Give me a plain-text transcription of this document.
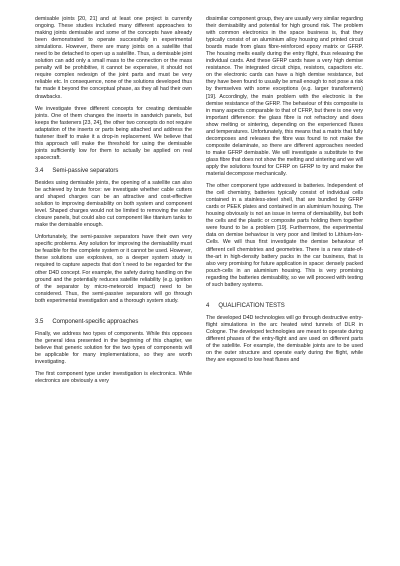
demisable joints [20, 21] and at least one project is currently ongoing. These studies included many different approaches to making joints demisable and some of the concepts have already been demonstrated to operate successfully in experimental simulations. However, there are many joints on a satellite that need to be detached to open up a satellite. Thus, a demisable joint solution can add only a small mass to the connection or the mass penalty will be prohibitive, it cannot be expensive, it should not require complex redesign of the joint parts and must be very reliable etc. In consequence, none of the solutions developed thus far made it beyond the conceptual phase, as they all had their own drawbacks.

We investigate three different concepts for creating demisable joints. One of them changes the inserts in sandwich panels, but keeps the fasteners [23, 24], the other two concepts do not require adaptation of the inserts or parts being attached and address the fastener itself to make it a drop-in replacement. We believe that this approach will make the threshold for using the demisable joints sufficiently low for them to actually be applied on real spacecraft.

3.4 Semi-passive separators

Besides using demisable joints, the opening of a satellite can also be achieved by brute force: we investigate whether cable cutters and shaped charges can be an attractive and cost-effective solution to improving demisability on both system and component level. Shaped charges would not be limited to removing the outer closure panels, but could also cut component like titanium tanks to make the demisable enough.

Unfortunately, the semi-passive separators have their own very specific problems. Any solution for improving the demisability must be feasible for the complete system or it cannot be used. However, these solutions use explosives, so a deeper system study is required to capture aspects that don´t need to be regarded for the other D4D concept. For example, the safety during handling on the ground and the potentially reduces satellite reliability (e.g. ignition of the separator by micro-meteoroid impact) need to be considered. Thus, the semi-passive separators will go through both experimental investigation and a thorough system study.

3.5 Component-specific approaches

Finally, we address two types of components. While this opposes the general idea presented in the beginning of this chapter, we believe that generic solution for the two types of components will be applicable for many implementations, so they are worth investigating.

The first component type under investigation is electronics. While electronics are obviously a very

dissimilar component group, they are usually very similar regarding their demisability and potential for high ground risk. The problem with common electronics in the space business is, that they typically consist of an aluminium alloy housing and printed circuit boards made from glass fibre-reinforced epoxy matrix or GFRP. The housing melts easily during the entry flight, thus releasing the individual cards. And these GFRP cards have a very high demise resistance. The integrated circuit chips, resistors, capacitors etc. on the electronic cards can have a high demise resistance, but they have been found to usually be small enough to not pose a risk by themselves with some exceptions (e.g. larger transformers) [19]. Accordingly, the main problem with the electronic is the demise resistance of the GFRP. The behaviour of this composite is in many aspects comparable to that of CFRP, but there is one very important difference: the glass fibre is not refractory and does show melting or sintering, depending on the experienced fluxes and temperatures. Unfortunately, this means that a matrix that fully decomposes and releases the fibre was found to not make the composite delaminate, so there are different approaches needed to make GFRP demisable. We will investigate a substitute to the glass fibre that does not show the melting and sintering and we will apply the solutions found for CFRP on GFRP to try and make the material decompose mechanically.

The other component type addressed is batteries. Independent of the cell chemistry, batteries typically consist of individual cells contained in a stainless-steel shell, that are bundled by GFRP cards or PEEK plates and contained in an aluminium housing. The housing obviously is not an issue in terms of demisability, but both the cells and the plastic or composite parts holding them together were found to be a problem [19]. Furthermore, the experimental data on demise behaviour is very poor and limited to Lithium-Ion-Cells. We will thus first investigate the demise behaviour of different cell chemistries and geometries. There is a new state-of-the-art in high-density battery packs in the car business, that is also very promising for future application in space: densely packed pouch-cells in an aluminium housing. This is very promising regarding the batteries demisability, so we will proceed with testing of such battery systems.

4 QUALIFICATION TESTS

The developed D4D technologies will go through destructive entry-flight simulations in the arc heated wind tunnels of DLR in Cologne. The developed technologies are meant to operate during different phases of the entry-flight and are used on different parts of the satellite. For example, the demisable joints are to be used on the outer structure and operate early during the flight, while they are exposed to low heat fluxes and
